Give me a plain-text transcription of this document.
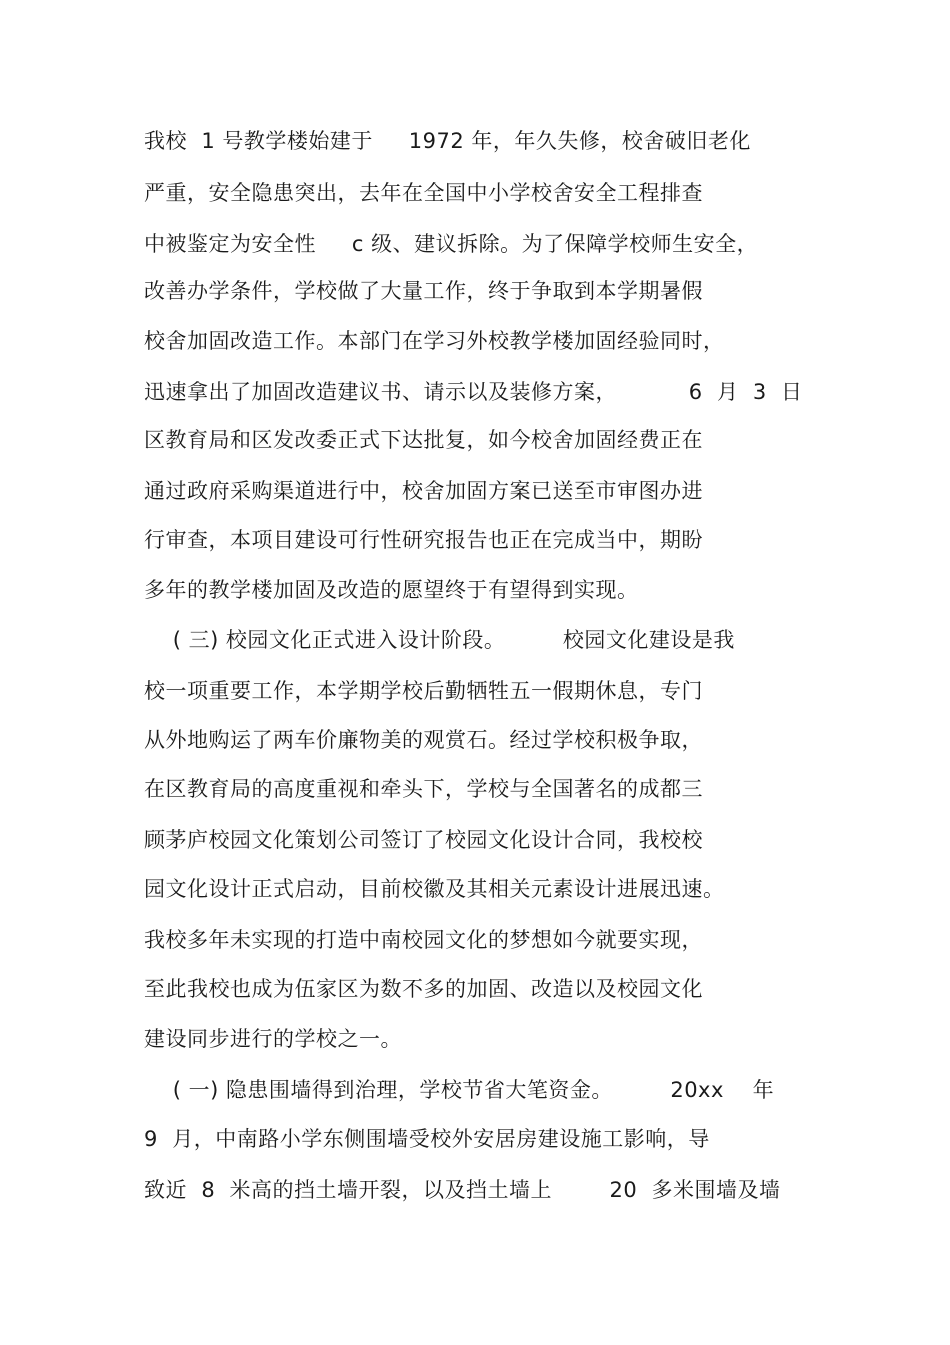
我校  1 号教学楼始建于     1972 年，年久失修，校舍破旧老化
严重，安全隐患突出，去年在全国中小学校舍安全工程排查
中被鉴定为安全性     c 级、建议拆除。为了保障学校师生安全，
改善办学条件，学校做了大量工作，终于争取到本学期暑假
校舍加固改造工作。本部门在学习外校教学楼加固经验同时，
迅速拿出了加固改造建议书、请示以及装修方案，          6  月  3  日
区教育局和区发改委正式下达批复，如今校舍加固经费正在
通过政府采购渠道进行中，校舍加固方案已送至市审图办进
行审查，本项目建设可行性研究报告也正在完成当中，期盼
多年的教学楼加固及改造的愿望终于有望得到实现。
( 三) 校园文化正式进入设计阶段。        校园文化建设是我
校一项重要工作，本学期学校后勤牺牲五一假期休息，专门
从外地购运了两车价廉物美的观赏石。经过学校积极争取，
在区教育局的高度重视和牵头下，学校与全国著名的成都三
顾茅庐校园文化策划公司签订了校园文化设计合同，我校校
园文化设计正式启动，目前校徽及其相关元素设计进展迅速。
我校多年未实现的打造中南校园文化的梦想如今就要实现，
至此我校也成为伍家区为数不多的加固、改造以及校园文化
建设同步进行的学校之一。
( 一) 隐患围墙得到治理，学校节省大笔资金。        20xx    年
9  月，中南路小学东侧围墙受校外安居房建设施工影响，导
致近  8  米高的挡土墙开裂，以及挡土墙上        20  多米围墙及墙
